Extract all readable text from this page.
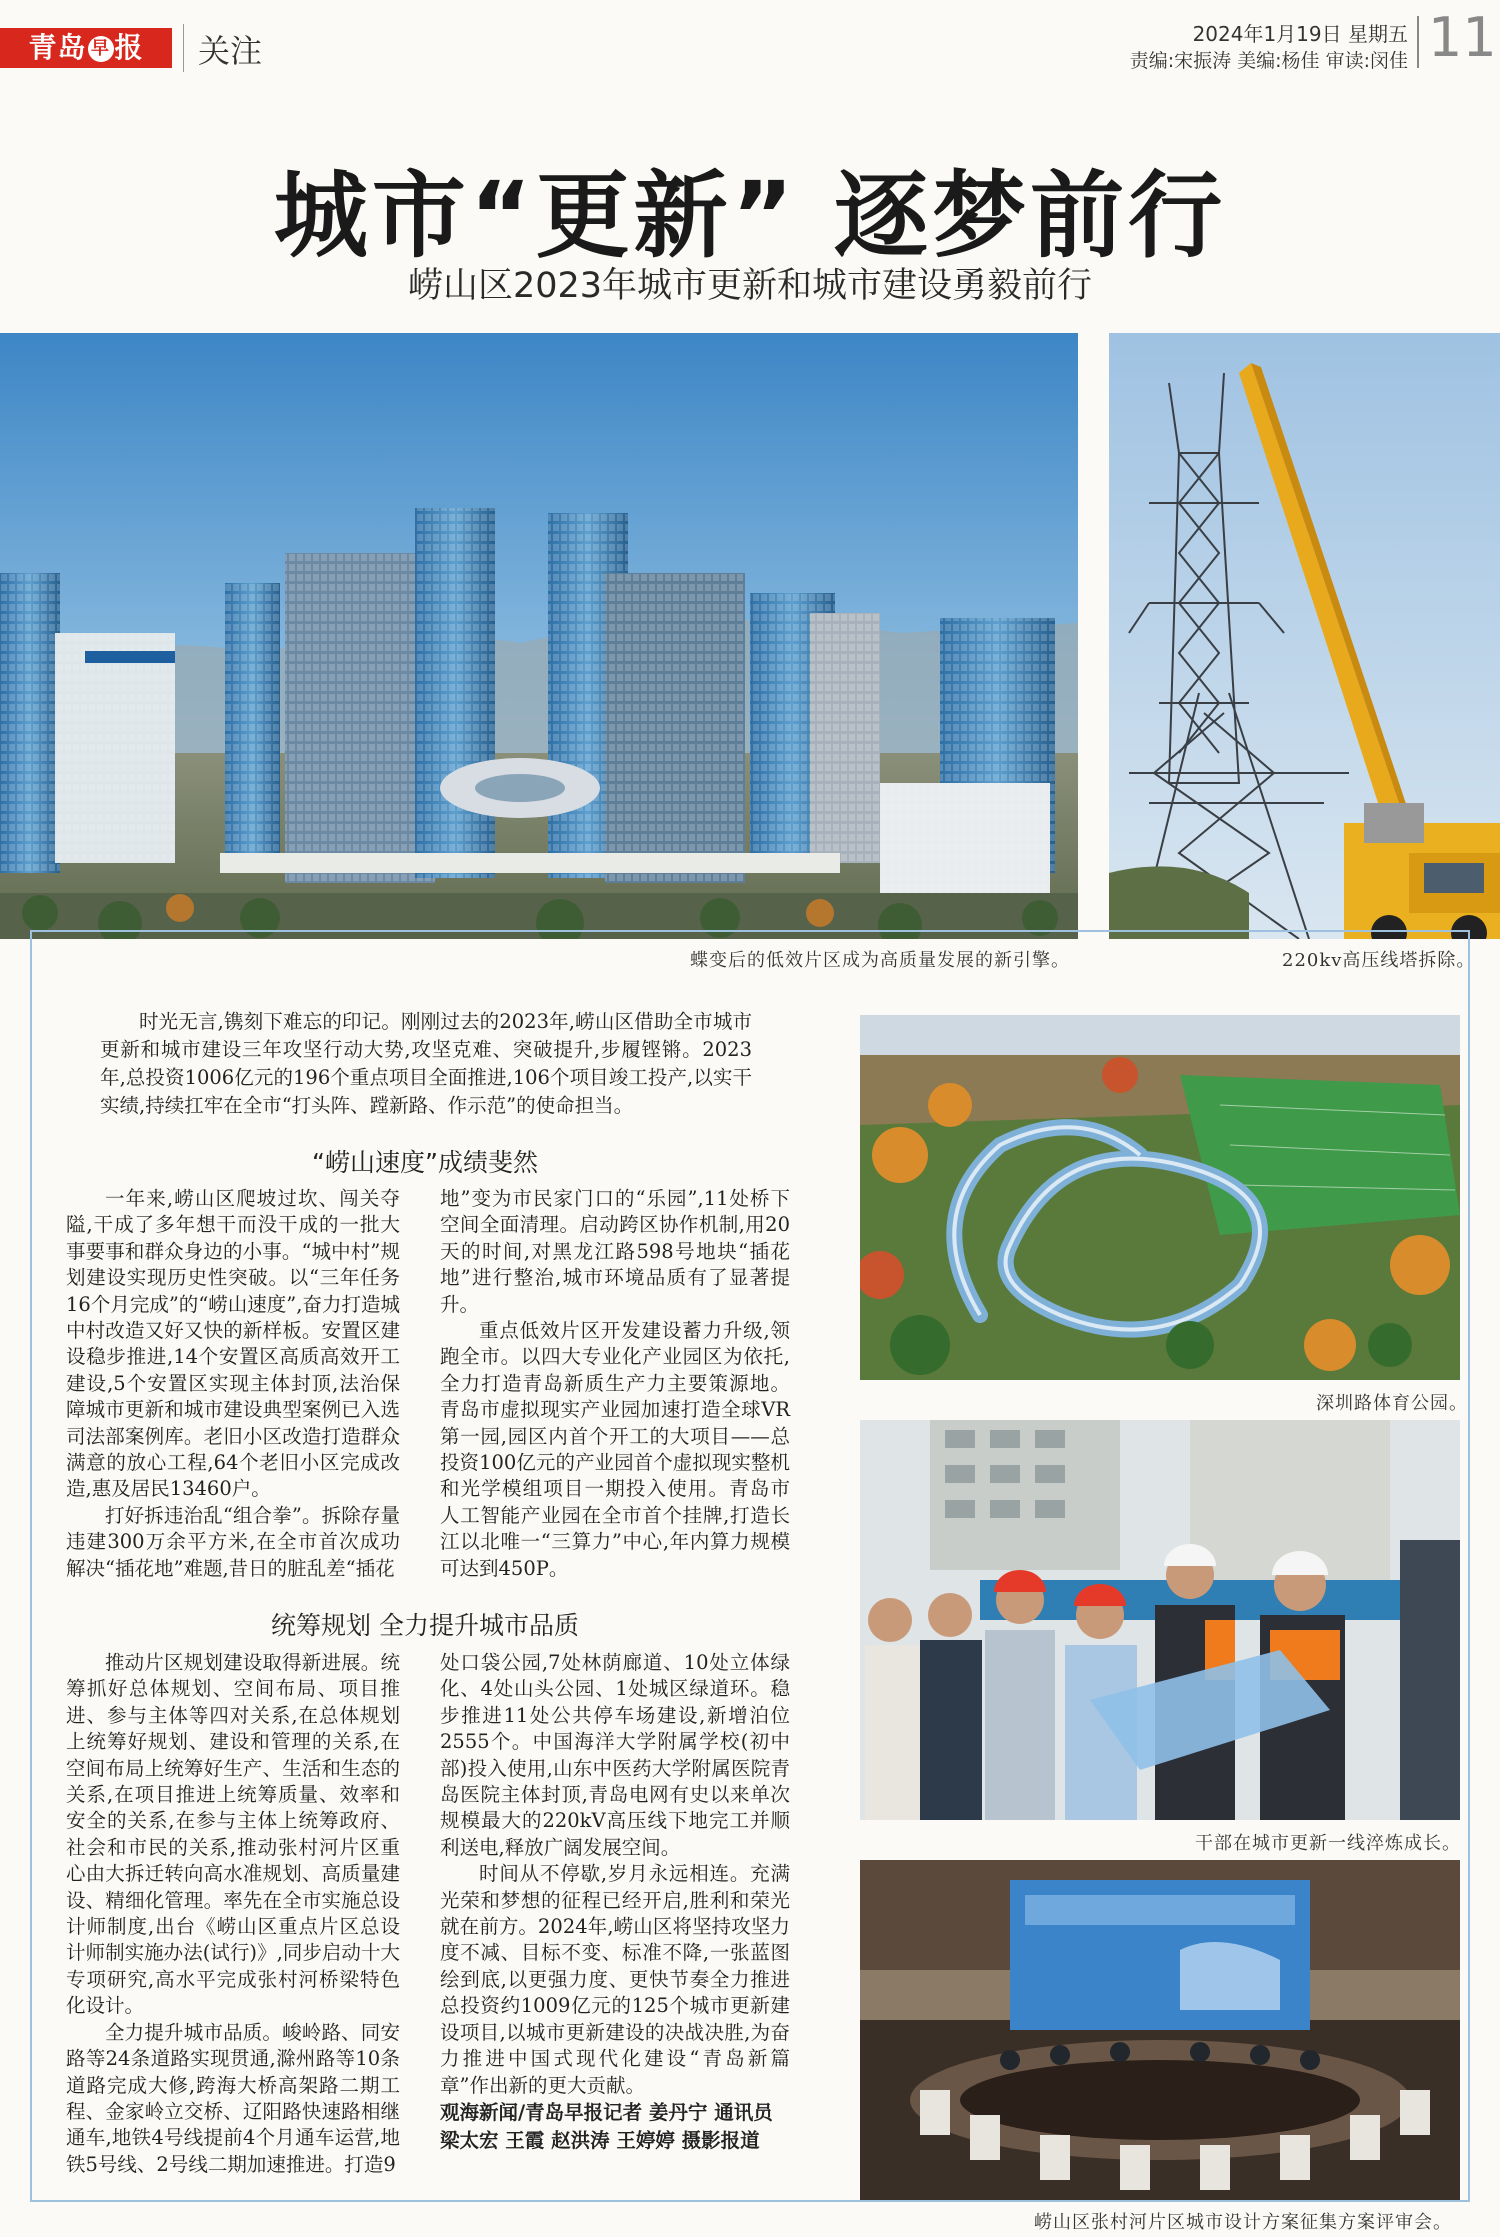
青岛 早 报	关注	2024年1月19日 星期五
责编:宋振涛 美编:杨佳 审读:闵佳 11
城市“更新” 逐梦前行
崂山区2023年城市更新和城市建设勇毅前行
蝶变后的低效片区成为高质量发展的新引擎。	220kv高压线塔拆除。

时光无言,镌刻下难忘的印记。刚刚过去的2023年,崂山区借助全市城市更新和城市建设三年攻坚行动大势,攻坚克难、突破提升,步履铿锵。2023年,总投资1006亿元的196个重点项目全面推进,106个项目竣工投产,以实干实绩,持续扛牢在全市“打头阵、蹚新路、作示范”的使命担当。

“崂山速度”成绩斐然

一年来,崂山区爬坡过坎、闯关夺隘,干成了多年想干而没干成的一批大事要事和群众身边的小事。“城中村”规划建设实现历史性突破。以“三年任务16个月完成”的“崂山速度”,奋力打造城中村改造又好又快的新样板。安置区建设稳步推进,14个安置区高质高效开工建设,5个安置区实现主体封顶,法治保障城市更新和城市建设典型案例已入选司法部案例库。老旧小区改造打造群众满意的放心工程,64个老旧小区完成改造,惠及居民13460户。

打好拆违治乱“组合拳”。拆除存量违建300万余平方米,在全市首次成功解决“插花地”难题,昔日的脏乱差“插花

地”变为市民家门口的“乐园”,11处桥下空间全面清理。启动跨区协作机制,用20天的时间,对黑龙江路598号地块“插花地”进行整治,城市环境品质有了显著提升。

重点低效片区开发建设蓄力升级,领跑全市。以四大专业化产业园区为依托,全力打造青岛新质生产力主要策源地。青岛市虚拟现实产业园加速打造全球VR第一园,园区内首个开工的大项目——总投资100亿元的产业园首个虚拟现实整机和光学模组项目一期投入使用。青岛市人工智能产业园在全市首个挂牌,打造长江以北唯一“三算力”中心,年内算力规模可达到450P。

统筹规划 全力提升城市品质

推动片区规划建设取得新进展。统筹抓好总体规划、空间布局、项目推进、参与主体等四对关系,在总体规划上统筹好规划、建设和管理的关系,在空间布局上统筹好生产、生活和生态的关系,在项目推进上统筹质量、效率和安全的关系,在参与主体上统筹政府、社会和市民的关系,推动张村河片区重心由大拆迁转向高水准规划、高质量建设、精细化管理。率先在全市实施总设计师制度,出台《崂山区重点片区总设计师制实施办法(试行)》,同步启动十大专项研究,高水平完成张村河桥梁特色化设计。

全力提升城市品质。峻岭路、同安路等24条道路实现贯通,滁州路等10条道路完成大修,跨海大桥高架路二期工程、金家岭立交桥、辽阳路快速路相继通车,地铁4号线提前4个月通车运营,地铁5号线、2号线二期加速推进。打造9

处口袋公园,7处林荫廊道、10处立体绿化、4处山头公园、1处城区绿道环。稳步推进11处公共停车场建设,新增泊位2555个。中国海洋大学附属学校(初中部)投入使用,山东中医药大学附属医院青岛医院主体封顶,青岛电网有史以来单次规模最大的220kV高压线下地完工并顺利送电,释放广阔发展空间。

时间从不停歇,岁月永远相连。充满光荣和梦想的征程已经开启,胜利和荣光就在前方。2024年,崂山区将坚持攻坚力度不减、目标不变、标准不降,一张蓝图绘到底,以更强力度、更快节奏全力推进总投资约1009亿元的125个城市更新建设项目,以城市更新建设的决战决胜,为奋力推进中国式现代化建设“青岛新篇章”作出新的更大贡献。

观海新闻/青岛早报记者 姜丹宁 通讯员
梁太宏 王霞 赵洪涛 王婷婷 摄影报道
深圳路体育公园。
干部在城市更新一线淬炼成长。
崂山区张村河片区城市设计方案征集方案评审会。
